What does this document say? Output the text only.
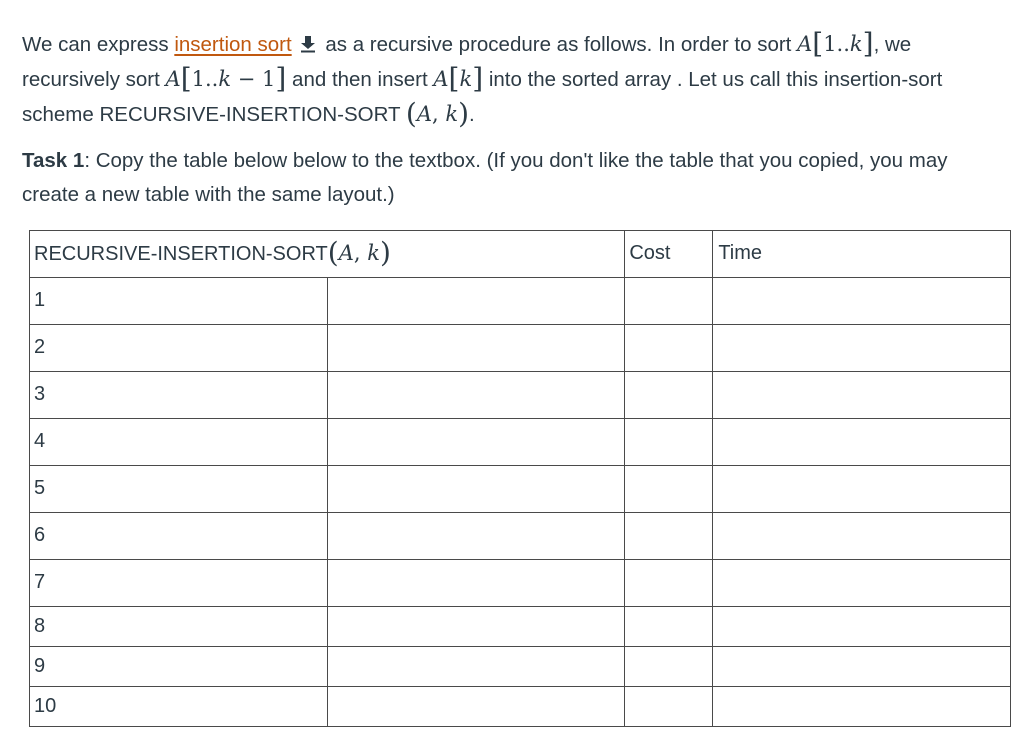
We can express insertion sort as a recursive procedure as follows. In order to sort A[1..k], we recursively sort A[1..k − 1] and then insert A[k] into the sorted array . Let us call this insertion-sort scheme RECURSIVE-INSERTION-SORT (A, k).

Task 1: Copy the table below below to the textbox. (If you don't like the table that you copied, you may create a new table with the same layout.)

RECURSIVE-INSERTION-SORT(A, k)		Cost	Time
1			
2			
3			
4			
5			
6			
7			
8			
9			
10			
